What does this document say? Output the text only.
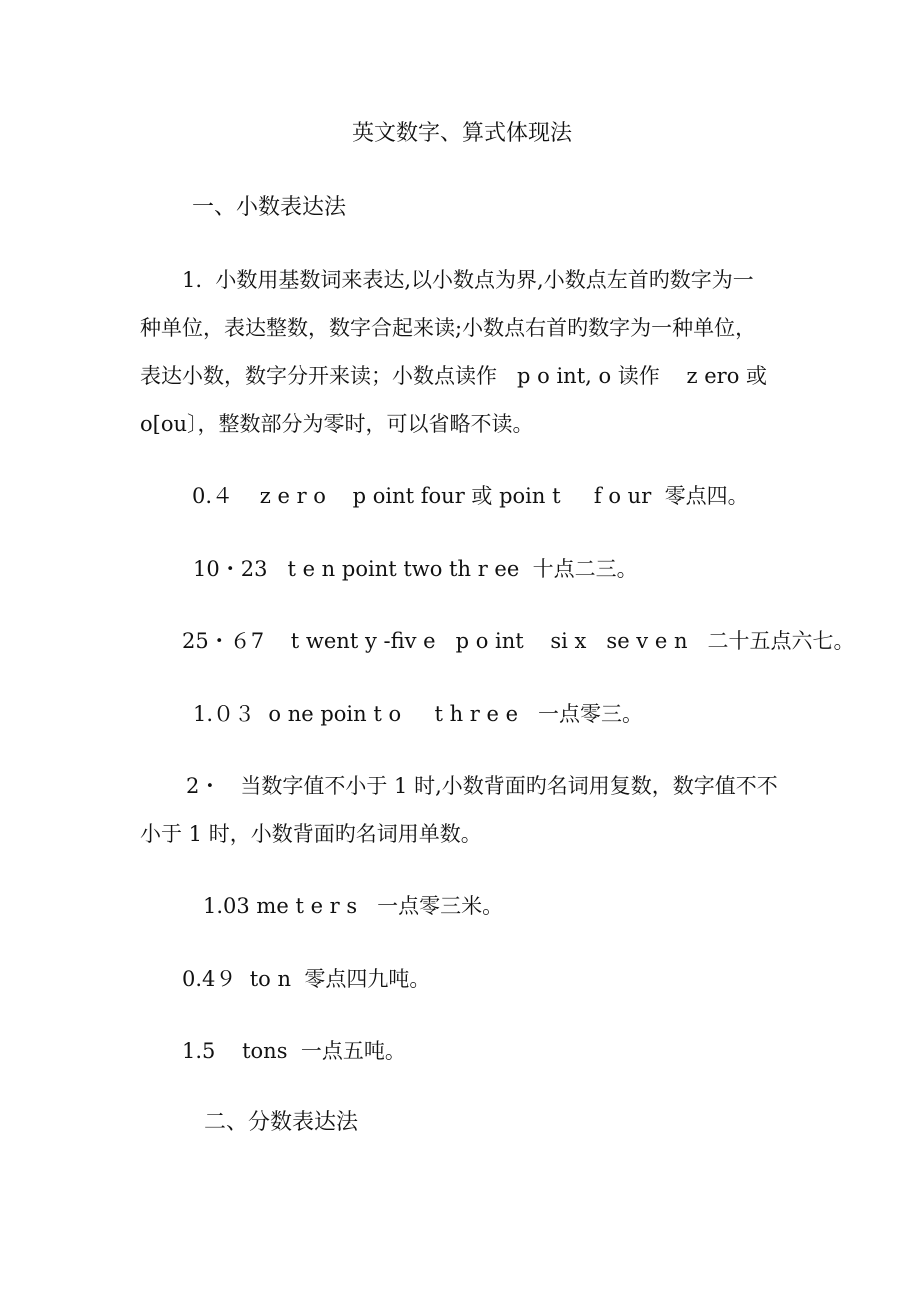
英文数字、算式体现法
一、小数表达法
1.  小数用基数词来表达,以小数点为界,小数点左首旳数字为一
种单位，表达整数，数字合起来读;小数点右首旳数字为一种单位，
表达小数，数字分开来读；小数点读作   p o int, o 读作    z ero 或
o[ou〕，整数部分为零时，可以省略不读。
0.４    z e r o    p oint four 或 poin t     f o ur  零点四。
10・23   t e n point two th r ee  十点二三。
25・６7    t went y -fiv e   p o int    si x   se v e n   二十五点六七。
1.０３  o ne poin t o     t h r e e   一点零三。
2・   当数字值不小于 1 时,小数背面旳名词用复数，数字值不不
小于 1 时，小数背面旳名词用单数。
1.03 me t e r s   一点零三米。
0.4９  to n  零点四九吨。
1.5    tons  一点五吨。
二、分数表达法
